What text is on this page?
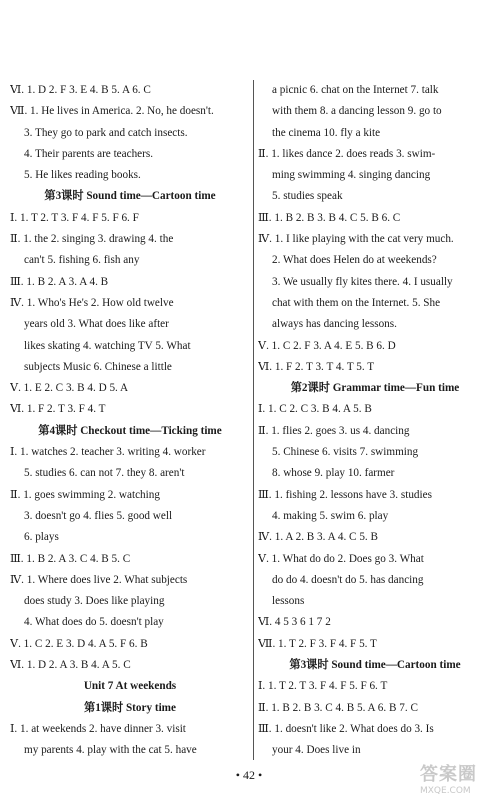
Ⅵ. 1. D 2. F 3. E 4. B 5. A 6. C
Ⅶ. 1. He lives in America. 2. No, he doesn't.
3. They go to park and catch insects.
4. Their parents are teachers.
5. He likes reading books.
第3课时 Sound time—Cartoon time
Ⅰ. 1. T 2. T 3. F 4. F 5. F 6. F
Ⅱ. 1. the 2. singing 3. drawing 4. the
can't 5. fishing 6. fish any
Ⅲ. 1. B 2. A 3. A 4. B
Ⅳ. 1. Who's He's 2. How old twelve
years old 3. What does like after
likes skating 4. watching TV 5. What
subjects Music 6. Chinese a little
Ⅴ. 1. E 2. C 3. B 4. D 5. A
Ⅵ. 1. F 2. T 3. F 4. T
第4课时 Checkout time—Ticking time
Ⅰ. 1. watches 2. teacher 3. writing 4. worker
5. studies 6. can not 7. they 8. aren't
Ⅱ. 1. goes swimming 2. watching
3. doesn't go 4. flies 5. good well
6. plays
Ⅲ. 1. B 2. A 3. C 4. B 5. C
Ⅳ. 1. Where does live 2. What subjects
does study 3. Does like playing
4. What does do 5. doesn't play
Ⅴ. 1. C 2. E 3. D 4. A 5. F 6. B
Ⅵ. 1. D 2. A 3. B 4. A 5. C
Unit 7 At weekends
第1课时 Story time
Ⅰ. 1. at weekends 2. have dinner 3. visit
my parents 4. play with the cat 5. have
a picnic 6. chat on the Internet 7. talk
with them 8. a dancing lesson 9. go to
the cinema 10. fly a kite
Ⅱ. 1. likes dance 2. does reads 3. swim-
ming swimming 4. singing dancing
5. studies speak
Ⅲ. 1. B 2. B 3. B 4. C 5. B 6. C
Ⅳ. 1. I like playing with the cat very much.
2. What does Helen do at weekends?
3. We usually fly kites there. 4. I usually
chat with them on the Internet. 5. She
always has dancing lessons.
Ⅴ. 1. C 2. F 3. A 4. E 5. B 6. D
Ⅵ. 1. F 2. T 3. T 4. T 5. T
第2课时 Grammar time—Fun time
Ⅰ. 1. C 2. C 3. B 4. A 5. B
Ⅱ. 1. flies 2. goes 3. us 4. dancing
5. Chinese 6. visits 7. swimming
8. whose 9. play 10. farmer
Ⅲ. 1. fishing 2. lessons have 3. studies
4. making 5. swim 6. play
Ⅳ. 1. A 2. B 3. A 4. C 5. B
Ⅴ. 1. What do do 2. Does go 3. What
do do 4. doesn't do 5. has dancing
lessons
Ⅵ. 4 5 3 6 1 7 2
Ⅶ. 1. T 2. F 3. F 4. F 5. T
第3课时 Sound time—Cartoon time
Ⅰ. 1. T 2. T 3. F 4. F 5. F 6. T
Ⅱ. 1. B 2. B 3. C 4. B 5. A 6. B 7. C
Ⅲ. 1. doesn't like 2. What does do 3. Is
your 4. Does live in
• 42 •	答案圈
MXQE.COM
